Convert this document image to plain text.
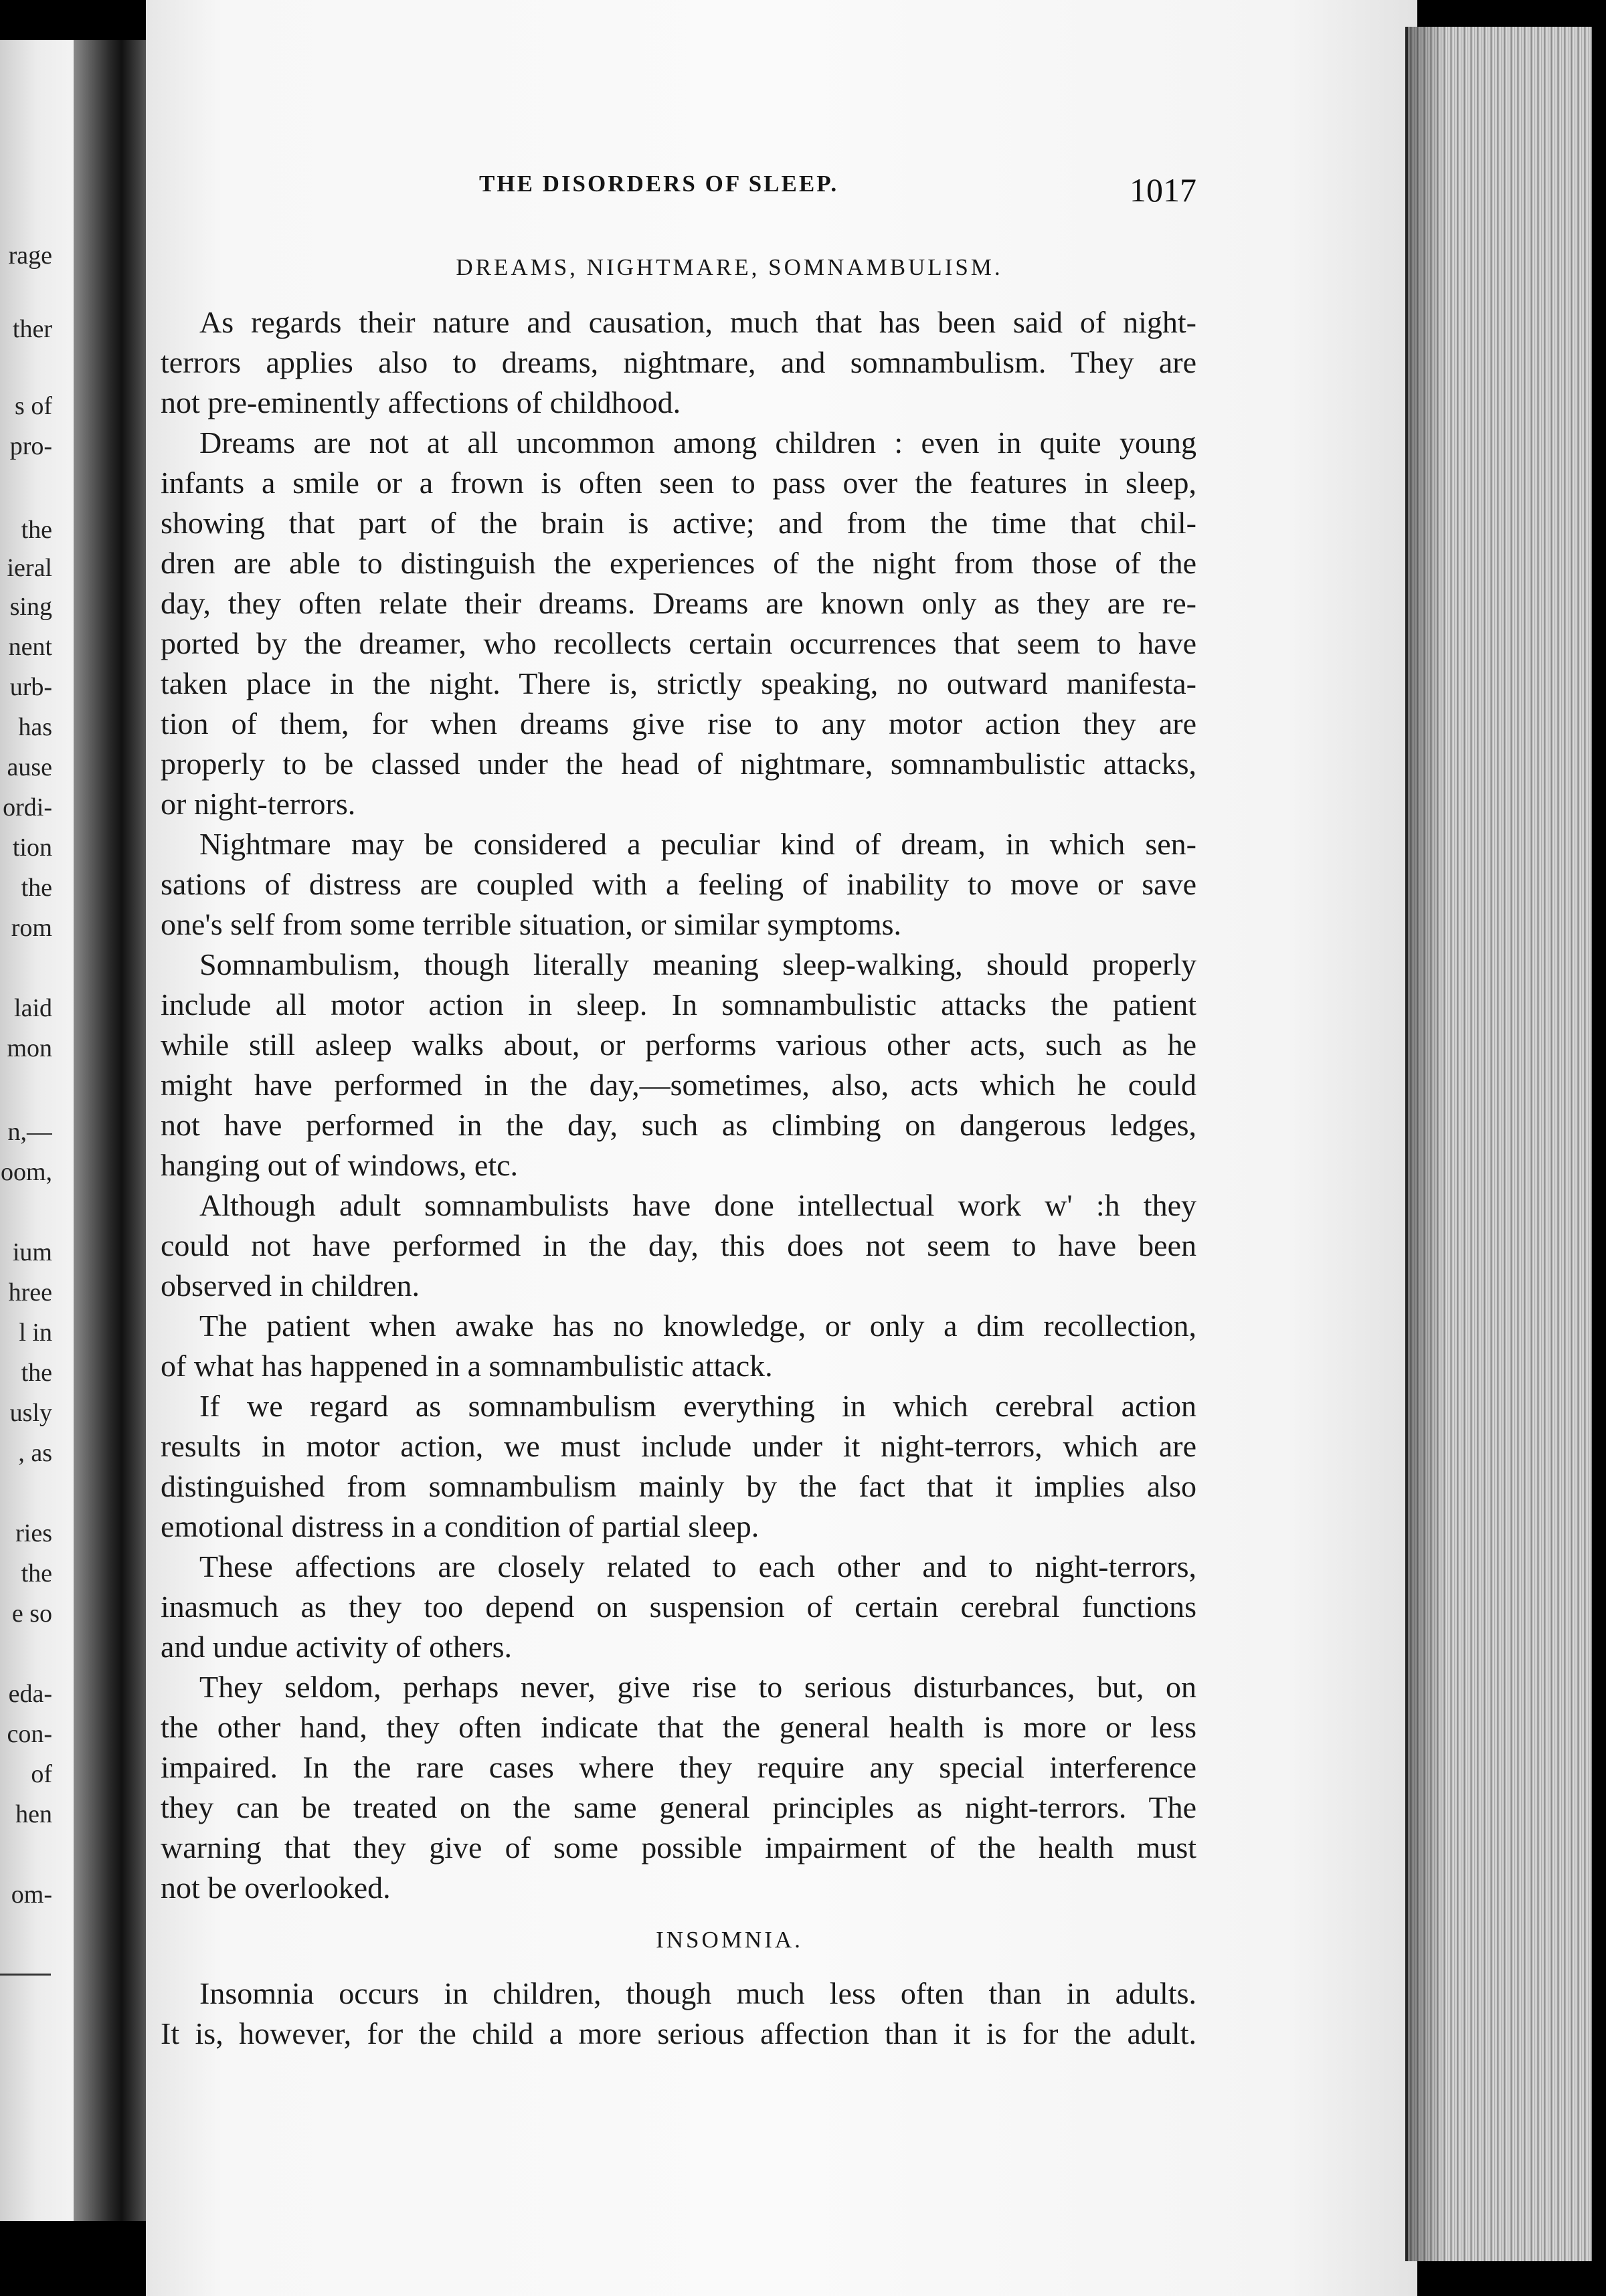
rage
ther
s of
pro-
the
ieral
sing
nent
urb-
has
ause
ordi-
tion
the
rom
laid
mon
n,—
oom,
ium
hree
l in
the
usly
, as
ries
the
e so
eda-
con-
of
hen
om-
THE DISORDERS OF SLEEP.	1017
DREAMS, NIGHTMARE, SOMNAMBULISM.
As regards their nature and causation, much that has been said of night-
terrors applies also to dreams, nightmare, and somnambulism. They are
not pre-eminently affections of childhood.
Dreams are not at all uncommon among children : even in quite young
infants a smile or a frown is often seen to pass over the features in sleep,
showing that part of the brain is active; and from the time that chil-
dren are able to distinguish the experiences of the night from those of the
day, they often relate their dreams. Dreams are known only as they are re-
ported by the dreamer, who recollects certain occurrences that seem to have
taken place in the night. There is, strictly speaking, no outward manifesta-
tion of them, for when dreams give rise to any motor action they are
properly to be classed under the head of nightmare, somnambulistic attacks,
or night-terrors.
Nightmare may be considered a peculiar kind of dream, in which sen-
sations of distress are coupled with a feeling of inability to move or save
one's self from some terrible situation, or similar symptoms.
Somnambulism, though literally meaning sleep-walking, should properly
include all motor action in sleep. In somnambulistic attacks the patient
while still asleep walks about, or performs various other acts, such as he
might have performed in the day,—sometimes, also, acts which he could
not have performed in the day, such as climbing on dangerous ledges,
hanging out of windows, etc.
Although adult somnambulists have done intellectual work w' :h they
could not have performed in the day, this does not seem to have been
observed in children.
The patient when awake has no knowledge, or only a dim recollection,
of what has happened in a somnambulistic attack.
If we regard as somnambulism everything in which cerebral action
results in motor action, we must include under it night-terrors, which are
distinguished from somnambulism mainly by the fact that it implies also
emotional distress in a condition of partial sleep.
These affections are closely related to each other and to night-terrors,
inasmuch as they too depend on suspension of certain cerebral functions
and undue activity of others.
They seldom, perhaps never, give rise to serious disturbances, but, on
the other hand, they often indicate that the general health is more or less
impaired. In the rare cases where they require any special interference
they can be treated on the same general principles as night-terrors. The
warning that they give of some possible impairment of the health must
not be overlooked.
INSOMNIA.
Insomnia occurs in children, though much less often than in adults.
It is, however, for the child a more serious affection than it is for the adult.
